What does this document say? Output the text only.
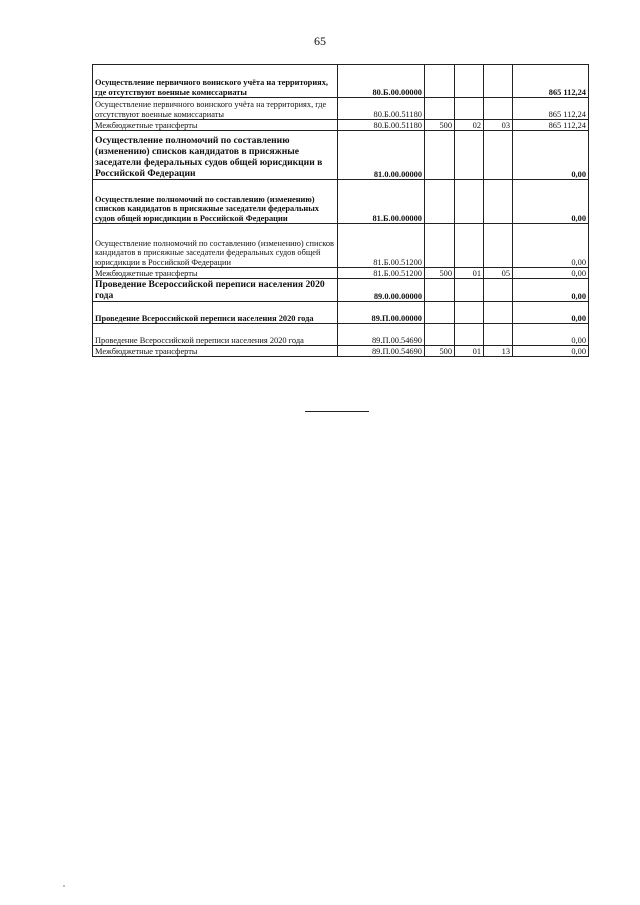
65
Осуществление первичного воинского учёта на территориях, где отсутствуют военные комиссариаты	80.Б.00.00000				865 112,24
Осуществление первичного воинского учёта на территориях, где отсутствуют военные комиссариаты	80.Б.00.51180				865 112,24
Межбюджетные трансферты	80.Б.00.51180	500	02	03	865 112,24
Осуществление полномочий по составлению (изменению) списков кандидатов в присяжные заседатели федеральных судов общей юрисдикции в Российской Федерации	81.0.00.00000				0,00
Осуществление полномочий по составлению (изменению) списков кандидатов в присяжные заседатели федеральных судов общей юрисдикции в Российской Федерации	81.Б.00.00000				0,00
Осуществление полномочий по составлению (изменению) списков кандидатов в присяжные заседатели федеральных судов общей юрисдикции в Российской Федерации	81.Б.00.51200				0,00
Межбюджетные трансферты	81.Б.00.51200	500	01	05	0,00
Проведение Всероссийской переписи населения 2020 года	89.0.00.00000				0,00
Проведение Всероссийской переписи населения 2020 года	89.П.00.00000				0,00
Проведение Всероссийской переписи населения 2020 года	89.П.00.54690				0,00
Межбюджетные трансферты	89.П.00.54690	500	01	13	0,00
